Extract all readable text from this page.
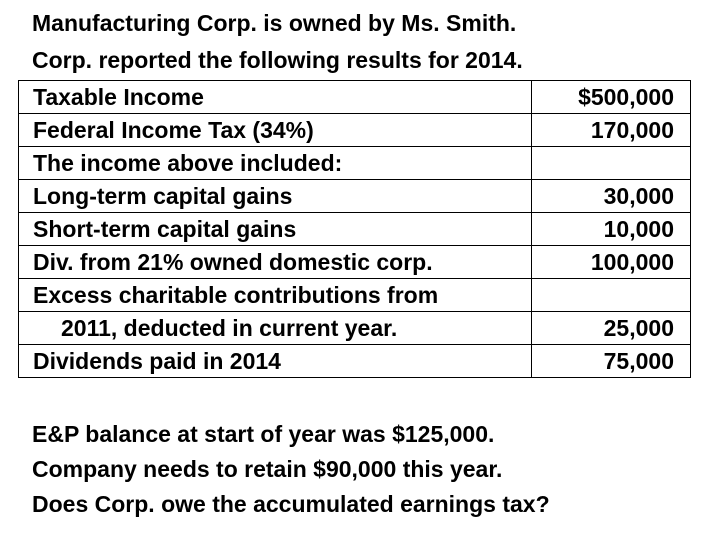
Manufacturing Corp. is owned by Ms. Smith.
Corp. reported the following results for 2014.
Taxable Income	$500,000
Federal Income Tax (34%)	170,000
The income above included:	
Long-term capital gains	30,000
Short-term capital gains	10,000
Div. from 21% owned domestic corp.	100,000
Excess charitable contributions from	
2011, deducted in current year.	25,000
Dividends paid in 2014	75,000
E&P balance at start of year was $125,000.
Company needs to retain $90,000 this year.
Does Corp. owe the accumulated earnings tax?
